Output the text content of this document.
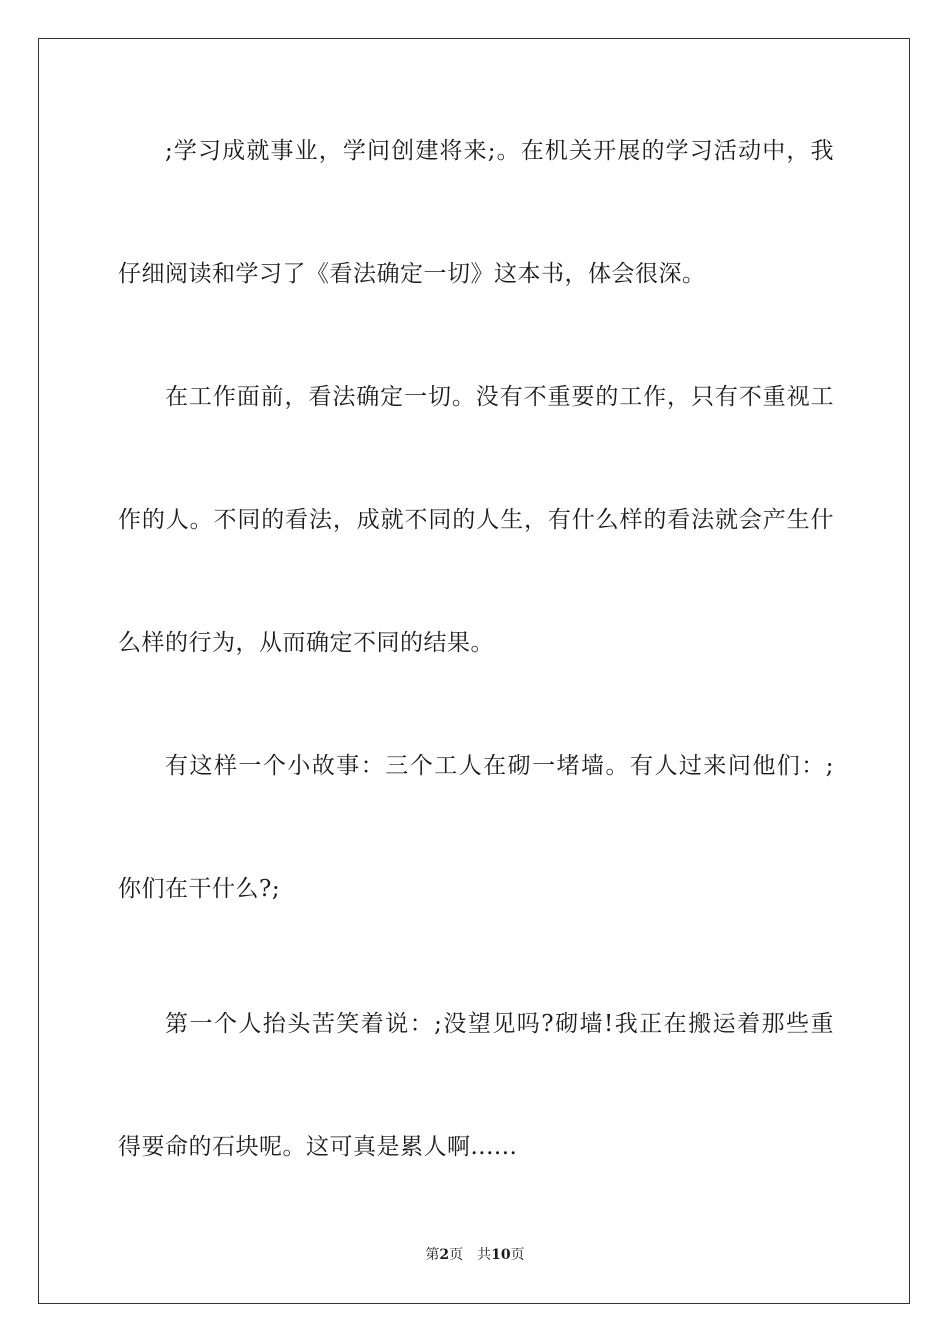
;学习成就事业，学问创建将来;。在机关开展的学习活动中，我
仔细阅读和学习了《看法确定一切》这本书，体会很深。
在工作面前，看法确定一切。没有不重要的工作，只有不重视工
作的人。不同的看法，成就不同的人生，有什么样的看法就会产生什
么样的行为，从而确定不同的结果。
有这样一个小故事：三个工人在砌一堵墙。有人过来问他们：;
你们在干什么?;
第一个人抬头苦笑着说：;没望见吗?砌墙!我正在搬运着那些重
得要命的石块呢。这可真是累人啊......
第2页 共10页
